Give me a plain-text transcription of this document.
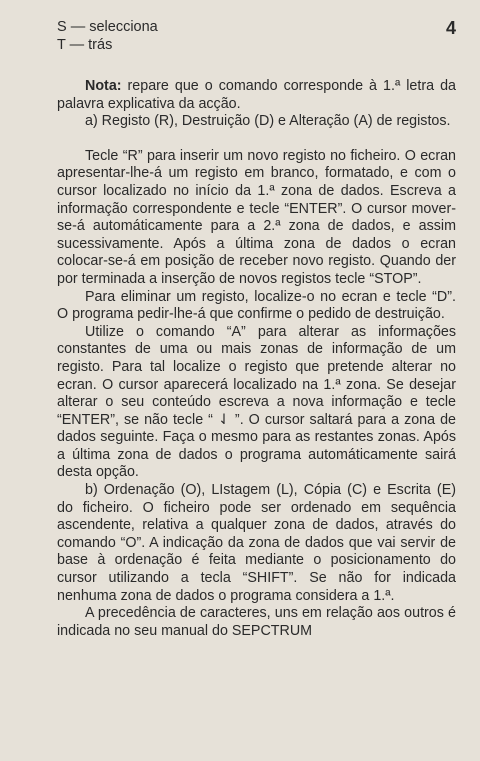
4
S — selecciona
T — trás

Nota: repare que o comando corresponde à 1.ª letra da palavra explicativa da acção.

a) Registo (R), Destruição (D) e Alteração (A) de registos.

Tecle “R” para inserir um novo registo no ficheiro. O ecran apresentar-lhe-á um registo em branco, formatado, e com o cursor localizado no início da 1.ª zona de dados. Escreva a informação correspondente e tecle “ENTER”. O cursor mover-se-á automáticamente para a 2.ª zona de dados, e assim sucessivamente. Após a última zona de dados o ecran colocar-se-á em posição de receber novo registo. Quando der por terminada a inserção de novos registos tecle “STOP”.

Para eliminar um registo, localize-o no ecran e tecle “D”. O programa pedir-lhe-á que confirme o pedido de destruição.

Utilize o comando “A” para alterar as informações constantes de uma ou mais zonas de informação de um registo. Para tal localize o registo que pretende alterar no ecran. O cursor aparecerá localizado na 1.ª zona. Se desejar alterar o seu conteúdo escreva a nova informação e tecle “ENTER”, se não tecle “ ⇃ ”. O cursor saltará para a zona de dados seguinte. Faça o mesmo para as restantes zonas. Após a última zona de dados o programa automáticamente sairá desta opção.

b) Ordenação (O), LIstagem (L), Cópia (C) e Escrita (E) do ficheiro. O ficheiro pode ser ordenado em sequência ascendente, relativa a qualquer zona de dados, através do comando “O”. A indicação da zona de dados que vai servir de base à ordenação é feita mediante o posicionamento do cursor utilizando a tecla “SHIFT”. Se não for indicada nenhuma zona de dados o programa considera a 1.ª.

A precedência de caracteres, uns em relação aos outros é indicada no seu manual do SEPCTRUM
